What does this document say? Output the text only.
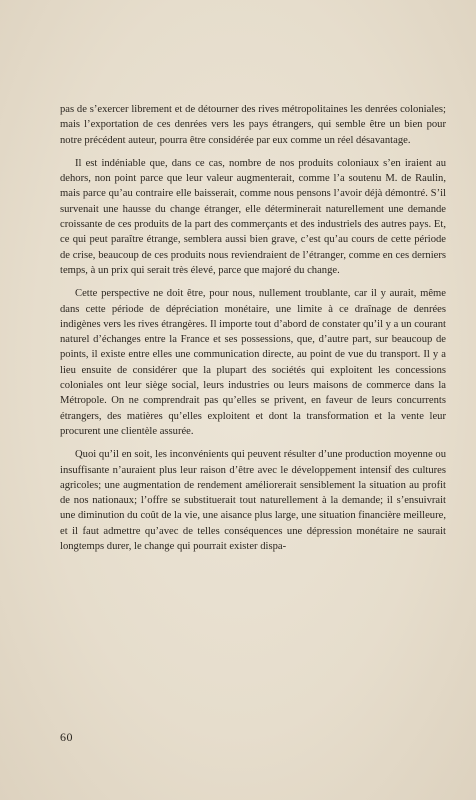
pas de s’exercer librement et de détourner des rives métropolitaines les denrées coloniales; mais l’exportation de ces denrées vers les pays étrangers, qui semble être un bien pour notre précédent auteur, pourra être considérée par eux comme un réel désavantage.

Il est indéniable que, dans ce cas, nombre de nos produits coloniaux s’en iraient au dehors, non point parce que leur valeur augmenterait, comme l’a soutenu M. de Raulin, mais parce qu’au contraire elle baisserait, comme nous pensons l’avoir déjà démontré. S’il survenait une hausse du change étranger, elle déterminerait naturellement une demande croissante de ces produits de la part des commerçants et des industriels des autres pays. Et, ce qui peut paraître étrange, semblera aussi bien grave, c’est qu’au cours de cette période de crise, beaucoup de ces produits nous reviendraient de l’étranger, comme en ces derniers temps, à un prix qui serait très élevé, parce que majoré du change.

Cette perspective ne doit être, pour nous, nullement troublante, car il y aurait, même dans cette période de dépréciation monétaire, une limite à ce draînage de denrées indigènes vers les rives étrangères. Il importe tout d’abord de constater qu’il y a un courant naturel d’échanges entre la France et ses possessions, que, d’autre part, sur beaucoup de points, il existe entre elles une communication directe, au point de vue du transport. Il y a lieu ensuite de considérer que la plupart des sociétés qui exploitent les concessions coloniales ont leur siège social, leurs industries ou leurs maisons de commerce dans la Métropole. On ne comprendrait pas qu’elles se privent, en faveur de leurs concurrents étrangers, des matières qu’elles exploitent et dont la transformation et la vente leur procurent une clientèle assurée.

Quoi qu’il en soit, les inconvénients qui peuvent résulter d’une production moyenne ou insuffisante n’auraient plus leur raison d’être avec le développement intensif des cultures agricoles; une augmentation de rendement améliorerait sensiblement la situation au profit de nos nationaux; l’offre se substituerait tout naturellement à la demande; il s’ensuivrait une diminution du coût de la vie, une aisance plus large, une situation financière meilleure, et il faut admettre qu’avec de telles conséquences une dépression monétaire ne saurait longtemps durer, le change qui pourrait exister dispa-

60
